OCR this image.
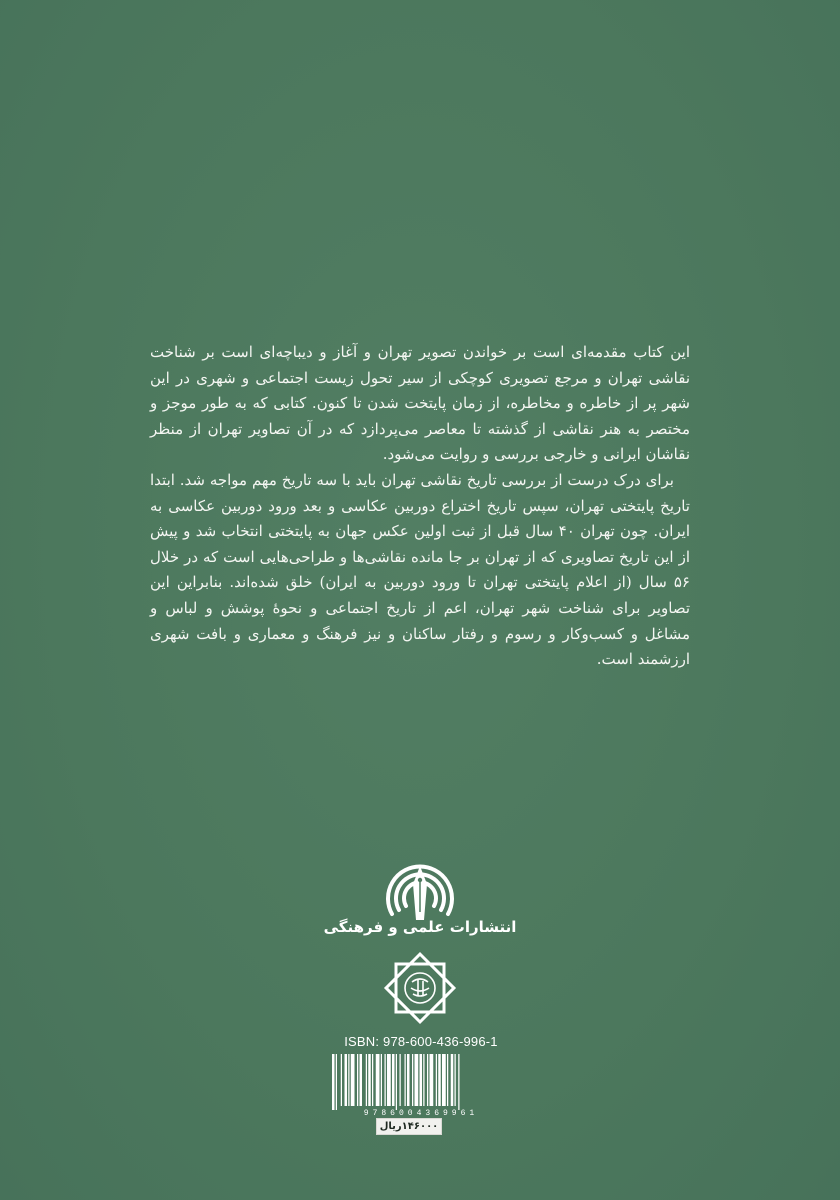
این کتاب مقدمه‌ای است بر خواندن تصویر تهران و آغاز و دیباچه‌ای است بر شناخت نقاشی تهران و مرجع تصویری کوچکی از سیر تحول زیست اجتماعی و شهری در این شهر پر از خاطره و مخاطره، از زمان پایتخت شدن تا کنون. کتابی که به طور موجز و مختصر به هنر نقاشی از گذشته تا معاصر می‌پردازد که در آن تصاویر تهران از منظر نقاشان ایرانی و خارجی بررسی و روایت می‌شود.

برای درک درست از بررسی تاریخ نقاشی تهران باید با سه تاریخ مهم مواجه شد. ابتدا تاریخ پایتختی تهران، سپس تاریخ اختراع دوربین عکاسی و بعد ورود دوربین عکاسی به ایران. چون تهران ۴۰ سال قبل از ثبت اولین عکس جهان به پایتختی انتخاب شد و پیش از این تاریخ تصاویری که از تهران بر جا مانده نقاشی‌ها و طراحی‌هایی است که در خلال ۵۶ سال (از اعلام پایتختی تهران تا ورود دوربین به ایران) خلق شده‌اند. بنابراین این تصاویر برای شناخت شهر تهران، اعم از تاریخ اجتماعی و نحوهٔ پوشش و لباس و مشاغل و کسب‌وکار و رسوم و رفتار ساکنان و نیز فرهنگ و معماری و بافت شهری ارزشمند است.

انتشارات علمی و فرهنگی
ISBN: 978-600-436-996-1
9786004369961
۱۴۶۰۰۰ریال
